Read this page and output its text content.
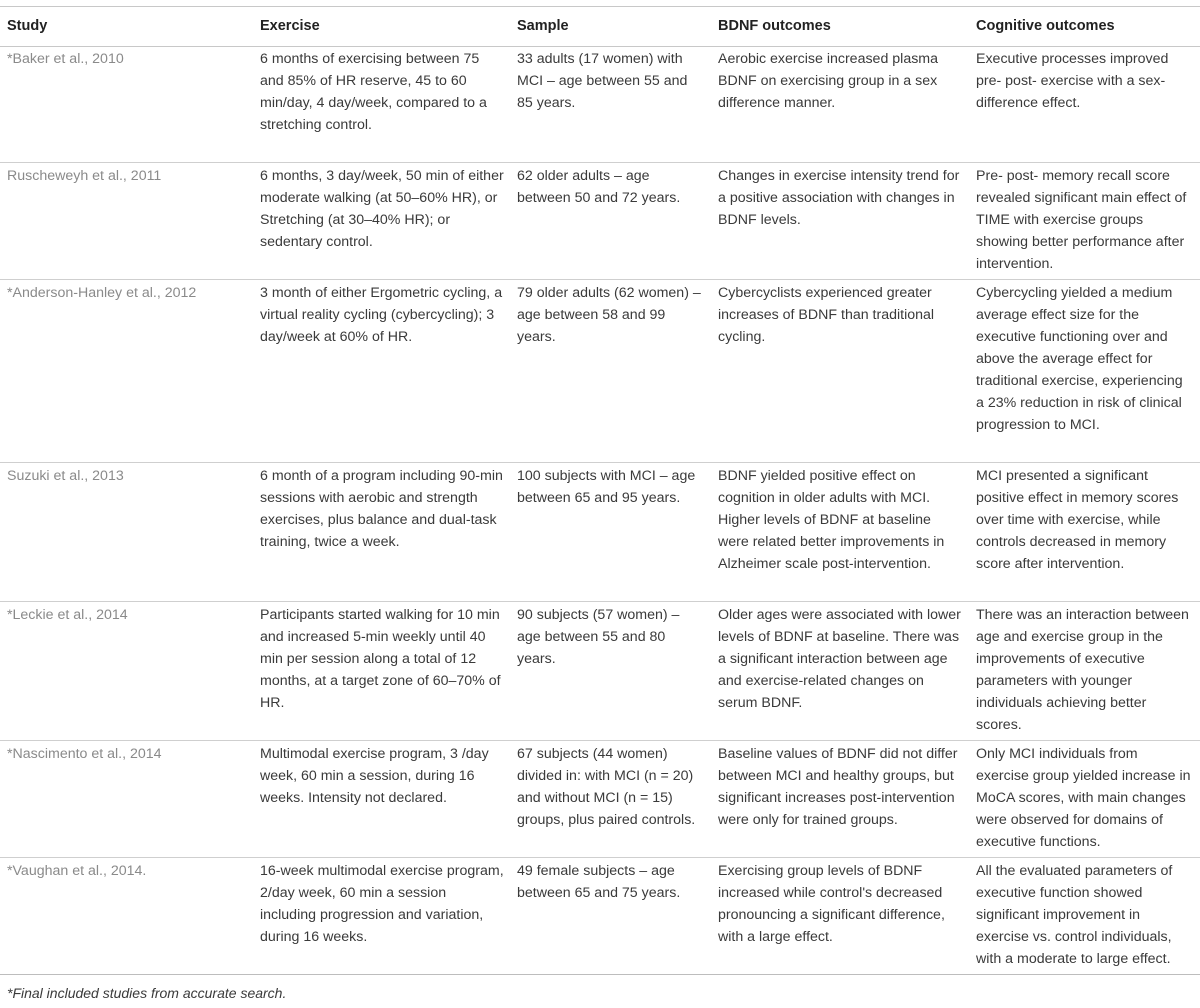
Study	Exercise	Sample	BDNF outcomes	Cognitive outcomes
*Baker et al., 2010	6 months of exercising between 75 and 85% of HR reserve, 45 to 60 min/day, 4 day/week, compared to a stretching control.	33 adults (17 women) with MCI – age between 55 and 85 years.	Aerobic exercise increased plasma BDNF on exercising group in a sex difference manner.	Executive processes improved pre- post- exercise with a sex-difference effect.
Ruscheweyh et al., 2011	6 months, 3 day/week, 50 min of either moderate walking (at 50–60% HR), or Stretching (at 30–40% HR); or sedentary control.	62 older adults – age between 50 and 72 years.	Changes in exercise intensity trend for a positive association with changes in BDNF levels.	Pre- post- memory recall score revealed significant main effect of TIME with exercise groups showing better performance after intervention.
*Anderson-Hanley et al., 2012	3 month of either Ergometric cycling, a virtual reality cycling (cybercycling); 3 day/week at 60% of HR.	79 older adults (62 women) – age between 58 and 99 years.	Cybercyclists experienced greater increases of BDNF than traditional cycling.	Cybercycling yielded a medium average effect size for the executive functioning over and above the average effect for traditional exercise, experiencing a 23% reduction in risk of clinical progression to MCI.
Suzuki et al., 2013	6 month of a program including 90-min sessions with aerobic and strength exercises, plus balance and dual-task training, twice a week.	100 subjects with MCI – age between 65 and 95 years.	BDNF yielded positive effect on cognition in older adults with MCI. Higher levels of BDNF at baseline were related better improvements in Alzheimer scale post-intervention.	MCI presented a significant positive effect in memory scores over time with exercise, while controls decreased in memory score after intervention.
*Leckie et al., 2014	Participants started walking for 10 min and increased 5-min weekly until 40 min per session along a total of 12 months, at a target zone of 60–70% of HR.	90 subjects (57 women) – age between 55 and 80 years.	Older ages were associated with lower levels of BDNF at baseline. There was a significant interaction between age and exercise-related changes on serum BDNF.	There was an interaction between age and exercise group in the improvements of executive parameters with younger individuals achieving better scores.
*Nascimento et al., 2014	Multimodal exercise program, 3 /day week, 60 min a session, during 16 weeks. Intensity not declared.	67 subjects (44 women) divided in: with MCI (n = 20) and without MCI (n = 15) groups, plus paired controls.	Baseline values of BDNF did not differ between MCI and healthy groups, but significant increases post-intervention were only for trained groups.	Only MCI individuals from exercise group yielded increase in MoCA scores, with main changes were observed for domains of executive functions.
*Vaughan et al., 2014.	16-week multimodal exercise program, 2/day week, 60 min a session including progression and variation, during 16 weeks.	49 female subjects – age between 65 and 75 years.	Exercising group levels of BDNF increased while control's decreased pronouncing a significant difference, with a large effect.	All the evaluated parameters of executive function showed significant improvement in exercise vs. control individuals, with a moderate to large effect.
*Final included studies from accurate search.
